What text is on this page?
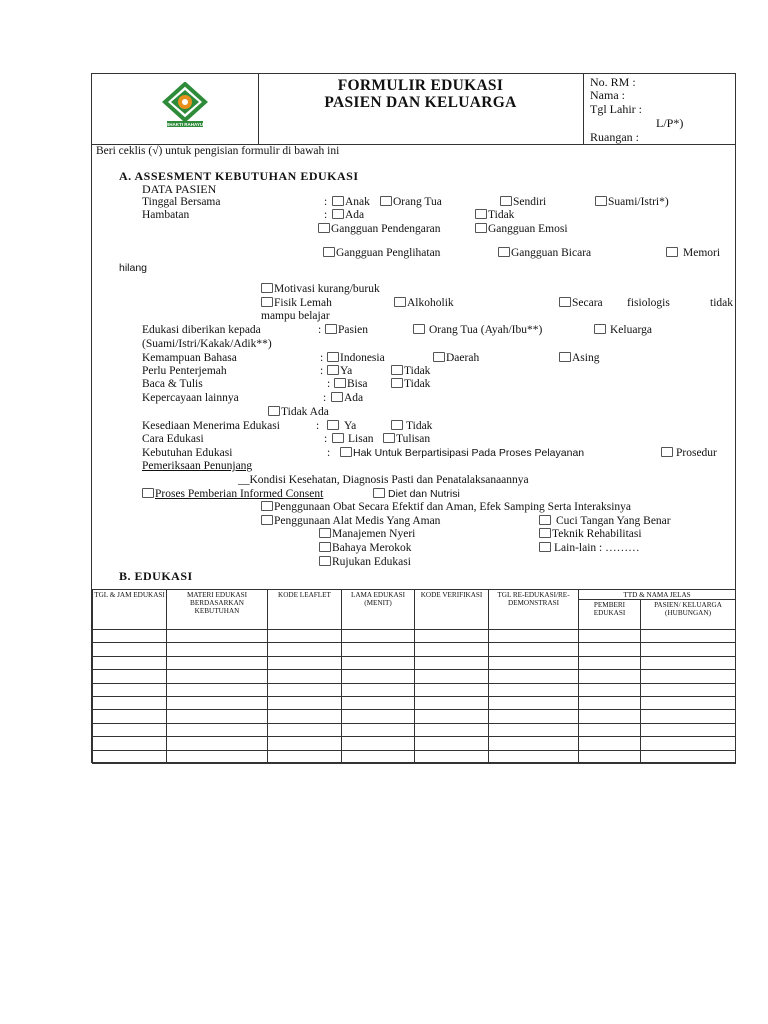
BHAKTI RAHAYU
FORMULIR EDUKASI
PASIEN DAN KELUARGA
No. RM :
Nama :
Tgl Lahir :
L/P*)
Ruangan :
Beri ceklis (√) untuk pengisian formulir di bawah ini
A. ASSESMENT KEBUTUHAN EDUKASI
DATA PASIEN
Tinggal Bersama	:	Anak	Orang Tua	Sendiri	Suami/Istri*)
Hambatan	:	Ada	Tidak
Gangguan Pendengaran	Gangguan Emosi
Gangguan Penglihatan	Gangguan Bicara	Memori
hilang
Motivasi kurang/buruk
Fisik Lemah	Alkoholik	Secara fisiologis	tidak
mampu belajar
Edukasi diberikan kepada	:	Pasien	Orang Tua (Ayah/Ibu**)	Keluarga
(Suami/Istri/Kakak/Adik**)
Kemampuan Bahasa	:	Indonesia	Daerah	Asing
Perlu Penterjemah	:	Ya	Tidak
Baca & Tulis	:	Bisa	Tidak
Kepercayaan lainnya	:	Ada
Tidak Ada
Kesediaan Menerima Edukasi	:	Ya	Tidak
Cara Edukasi	:	Lisan	Tulisan
Kebutuhan Edukasi	:	Hak Untuk Berpartisipasi Pada Proses Pelayanan	Prosedur
Pemeriksaan Penunjang
__Kondisi Kesehatan, Diagnosis Pasti dan Penatalaksanaannya
Proses Pemberian Informed Consent	Diet dan Nutrisi
Penggunaan Obat Secara Efektif dan Aman, Efek Samping Serta Interaksinya
Penggunaan Alat Medis Yang Aman	Cuci Tangan Yang Benar
Manajemen Nyeri	Teknik Rehabilitasi
Bahaya Merokok	Lain-lain : ………
Rujukan Edukasi
B. EDUKASI
TGL & JAM EDUKASI	MATERI EDUKASI BERDASARKAN KEBUTUHAN	KODE LEAFLET	LAMA EDUKASI (MENIT)	KODE VERIFIKASI	TGL RE-EDUKASI/RE-DEMONSTRASI	TTD & NAMA JELAS	
						PEMBERI EDUKASI	PASIEN/ KELUARGA (HUBUNGAN)
